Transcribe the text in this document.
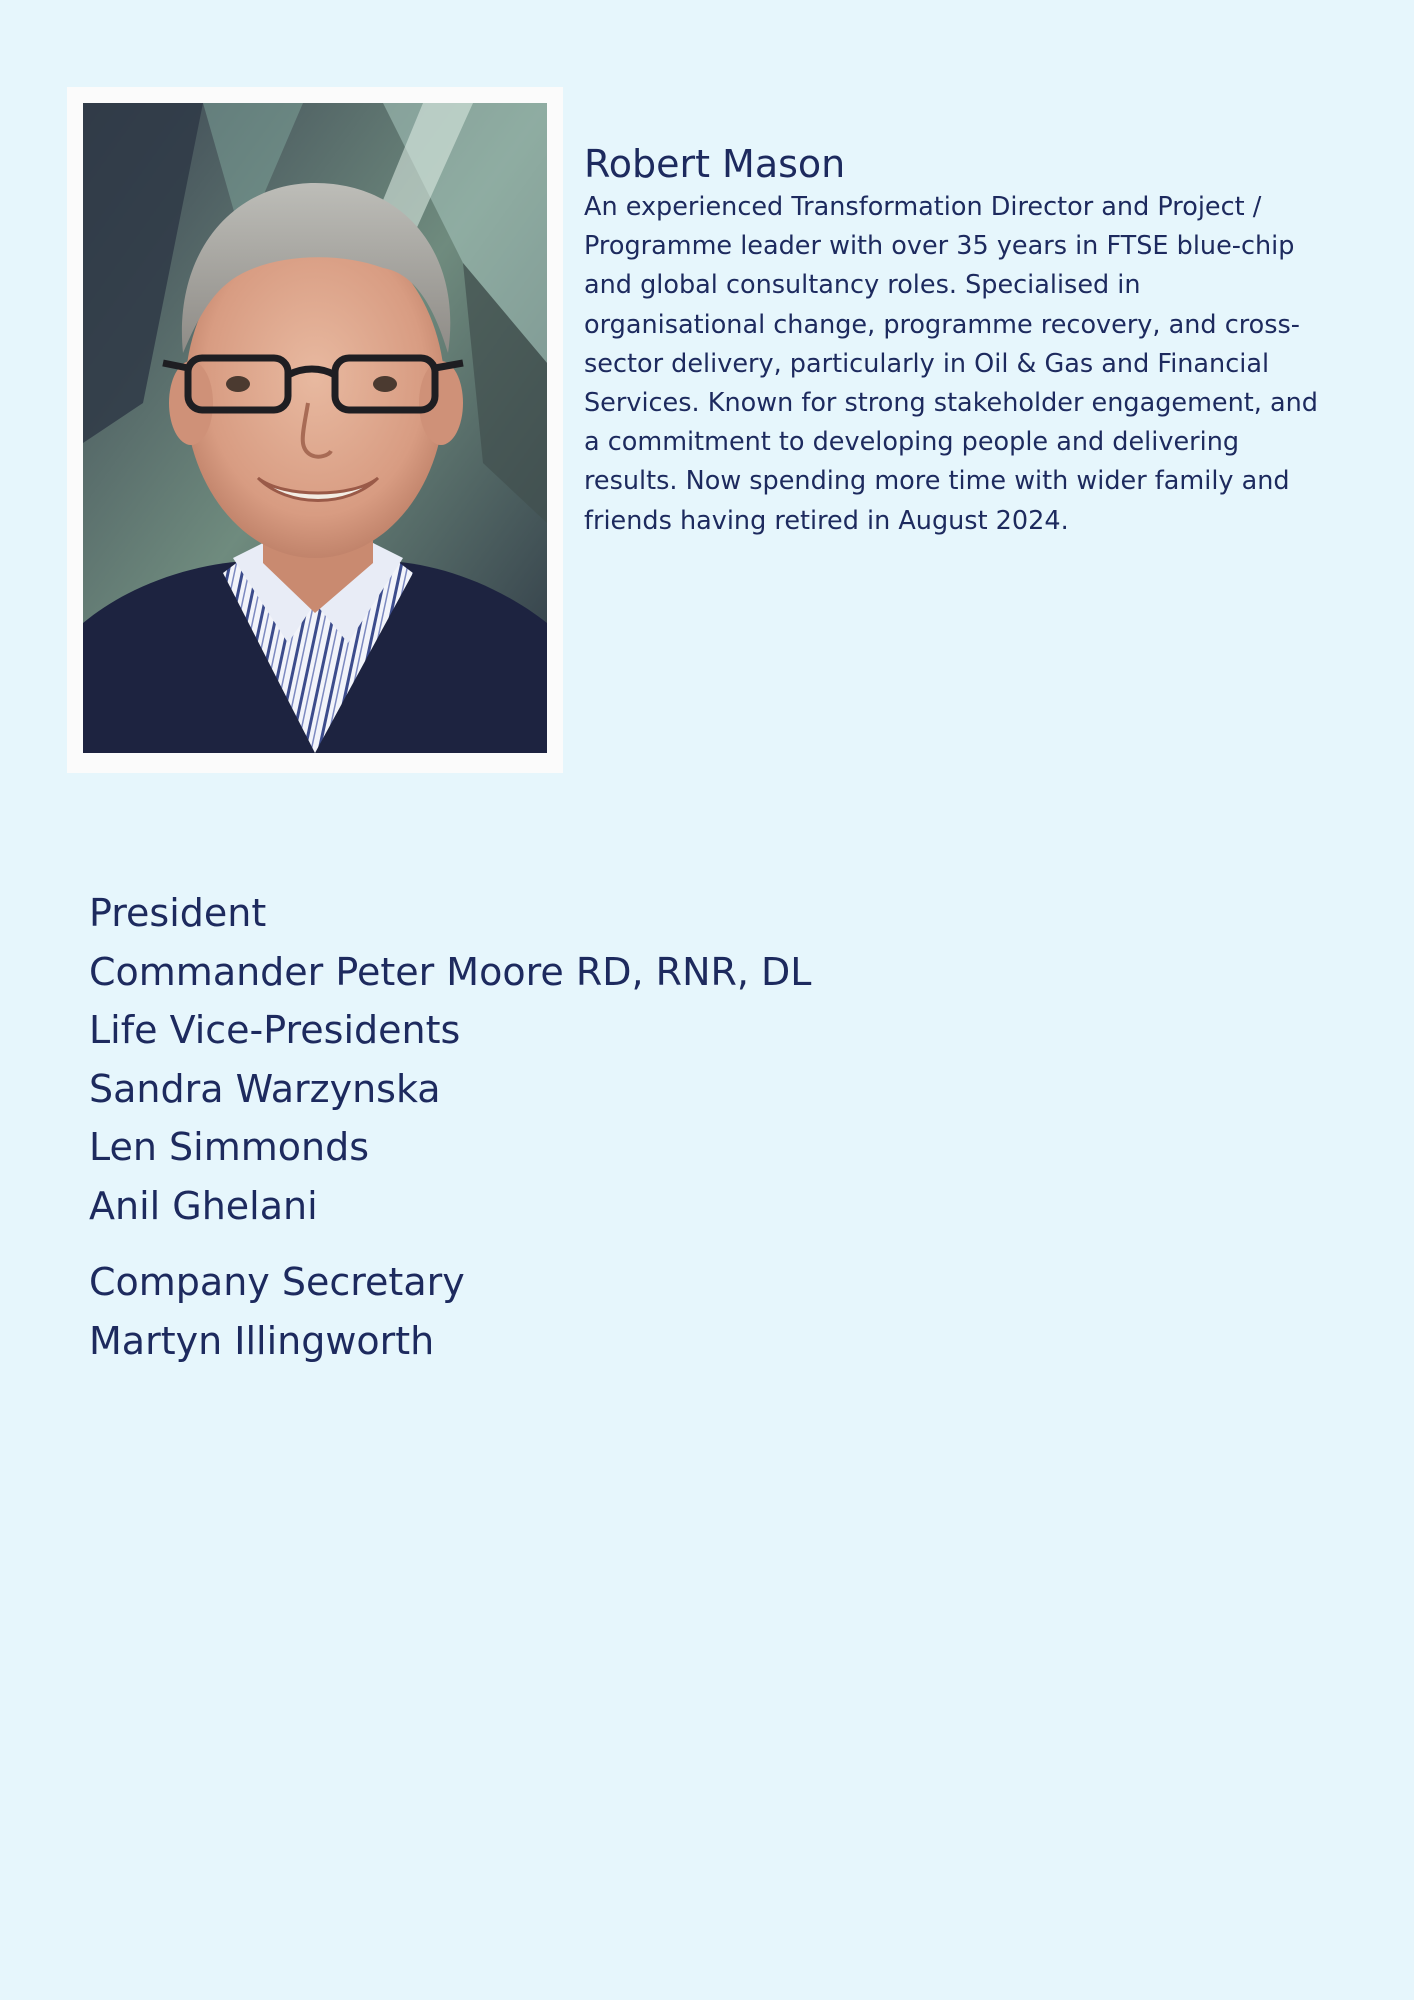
Robert Mason

An experienced Transformation Director and Project / Programme leader with over 35 years in FTSE blue-chip and global consultancy roles. Specialised in organisational change, programme recovery, and cross-sector delivery, particularly in Oil & Gas and Financial Services. Known for strong stakeholder engagement, and a commitment to developing people and delivering results. Now spending more time with wider family and friends having retired in August 2024.

President
Commander Peter Moore RD, RNR, DL
Life Vice-Presidents
Sandra Warzynska
Len Simmonds
Anil Ghelani
Company Secretary
Martyn Illingworth
